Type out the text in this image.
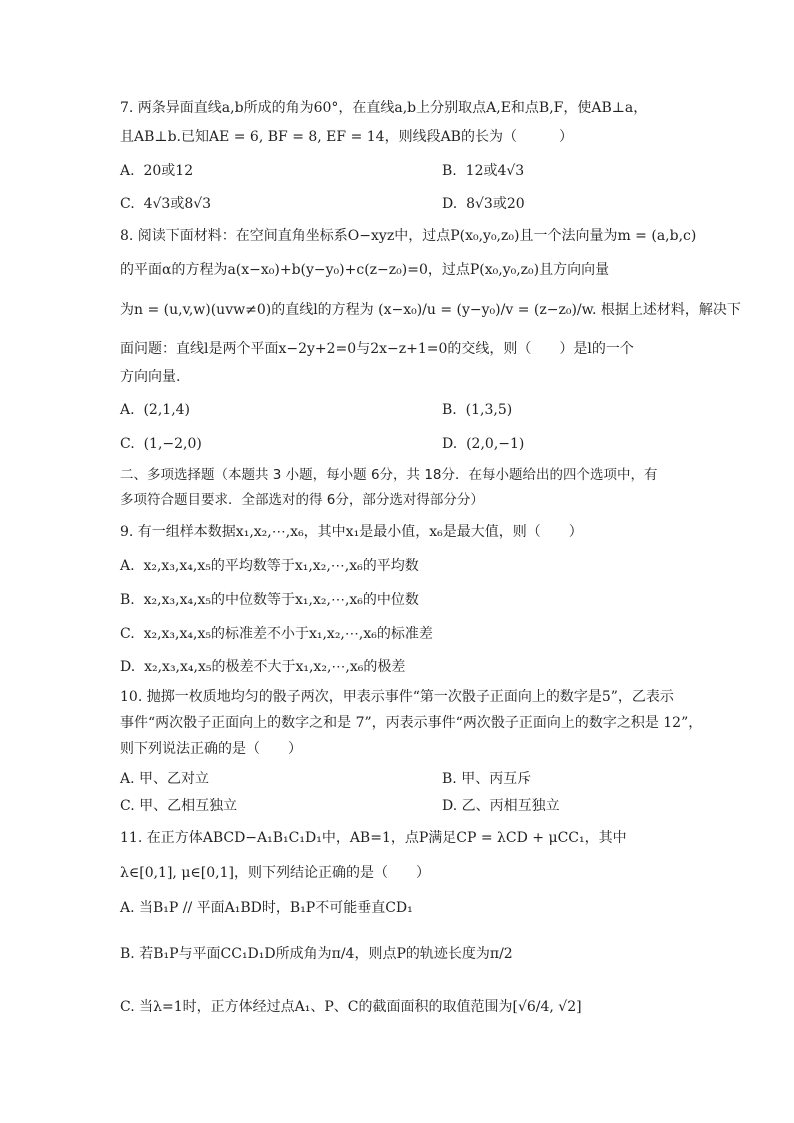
7. 两条异面直线a,b所成的角为60°，在直线a,b上分别取点A,E和点B,F，使AB⊥a，
且AB⊥b.已知AE = 6, BF = 8, EF = 14，则线段AB的长为（　　　）
A. 20或12	B. 12或4√3
C. 4√3或8√3	D. 8√3或20
8. 阅读下面材料：在空间直角坐标系O−xyz中，过点P(x₀,y₀,z₀)且一个法向量为m = (a,b,c)
的平面α的方程为a(x−x₀)+b(y−y₀)+c(z−z₀)=0，过点P(x₀,y₀,z₀)且方向向量
为n = (u,v,w)(uvw≠0)的直线l的方程为 (x−x₀)/u = (y−y₀)/v = (z−z₀)/w. 根据上述材料，解决下
面问题：直线l是两个平面x−2y+2=0与2x−z+1=0的交线，则（　　）是l的一个
方向向量.
A. (2,1,4)	B. (1,3,5)
C. (1,−2,0)	D. (2,0,−1)
二、多项选择题（本题共 3 小题，每小题 6分，共 18分．在每小题给出的四个选项中，有
多项符合题目要求．全部选对的得 6分，部分选对得部分分）
9. 有一组样本数据x₁,x₂,⋯,x₆，其中x₁是最小值，x₆是最大值，则（　　）
A. x₂,x₃,x₄,x₅的平均数等于x₁,x₂,⋯,x₆的平均数
B. x₂,x₃,x₄,x₅的中位数等于x₁,x₂,⋯,x₆的中位数
C. x₂,x₃,x₄,x₅的标准差不小于x₁,x₂,⋯,x₆的标准差
D. x₂,x₃,x₄,x₅的极差不大于x₁,x₂,⋯,x₆的极差
10. 抛掷一枚质地均匀的骰子两次，甲表示事件“第一次骰子正面向上的数字是5”，乙表示
事件“两次骰子正面向上的数字之和是 7”，丙表示事件“两次骰子正面向上的数字之积是 12”，
则下列说法正确的是（　　）
A. 甲、乙对立	B. 甲、丙互斥
C. 甲、乙相互独立	D. 乙、丙相互独立
11. 在正方体ABCD−A₁B₁C₁D₁中，AB=1，点P满足CP = λCD + μCC₁，其中
λ∈[0,1], μ∈[0,1]，则下列结论正确的是（　　）
A. 当B₁P // 平面A₁BD时，B₁P不可能垂直CD₁
B. 若B₁P与平面CC₁D₁D所成角为π/4，则点P的轨迹长度为π/2
C. 当λ=1时，正方体经过点A₁、P、C的截面面积的取值范围为[√6/4, √2]
